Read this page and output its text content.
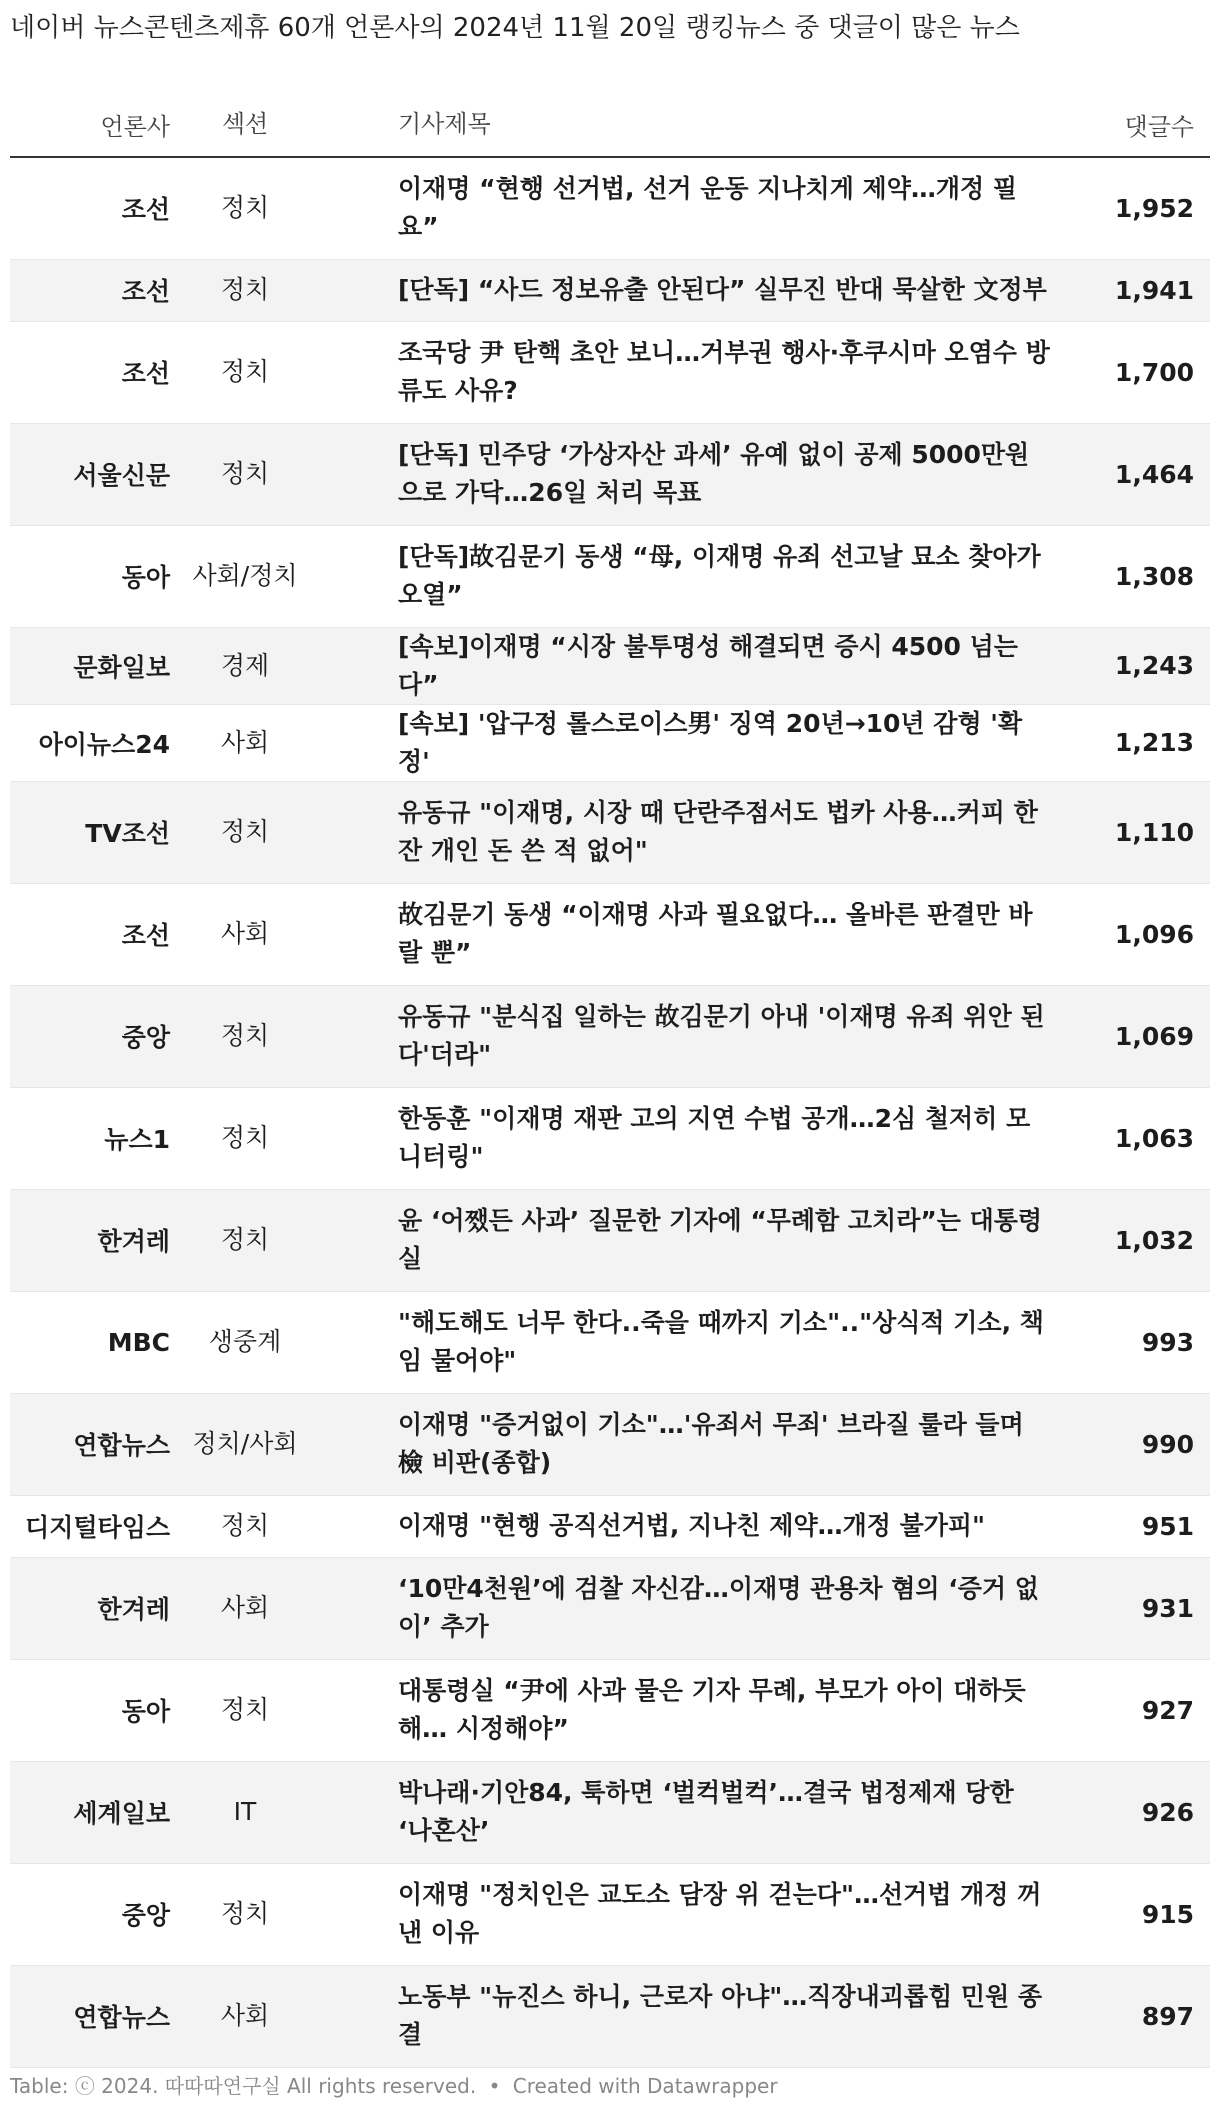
네이버 뉴스콘텐츠제휴 60개 언론사의 2024년 11월 20일 랭킹뉴스 중 댓글이 많은 뉴스
언론사	섹션	기사제목	댓글수
조선	정치	이재명 “현행 선거법, 선거 운동 지나치게 제약…개정 필요”	1,952
조선	정치	[단독] “사드 정보유출 안된다” 실무진 반대 묵살한 文정부	1,941
조선	정치	조국당 尹 탄핵 초안 보니…거부권 행사·후쿠시마 오염수 방류도 사유?	1,700
서울신문	정치	[단독] 민주당 ‘가상자산 과세’ 유예 없이 공제 5000만원으로 가닥…26일 처리 목표	1,464
동아	사회/정치	[단독]故김문기 동생 “母, 이재명 유죄 선고날 묘소 찾아가 오열”	1,308
문화일보	경제	[속보]이재명 “시장 불투명성 해결되면 증시 4500 넘는다”	1,243
아이뉴스24	사회	[속보] '압구정 롤스로이스男' 징역 20년→10년 감형 '확정'	1,213
TV조선	정치	유동규 "이재명, 시장 때 단란주점서도 법카 사용…커피 한 잔 개인 돈 쓴 적 없어"	1,110
조선	사회	故김문기 동생 “이재명 사과 필요없다… 올바른 판결만 바랄 뿐”	1,096
중앙	정치	유동규 "분식집 일하는 故김문기 아내 '이재명 유죄 위안 된다'더라"	1,069
뉴스1	정치	한동훈 "이재명 재판 고의 지연 수법 공개…2심 철저히 모니터링"	1,063
한겨레	정치	윤 ‘어쨌든 사과’ 질문한 기자에 “무례함 고치라”는 대통령실	1,032
MBC	생중계	"해도해도 너무 한다..죽을 때까지 기소".."상식적 기소, 책임 물어야"	993
연합뉴스	정치/사회	이재명 "증거없이 기소"…'유죄서 무죄' 브라질 룰라 들며 檢 비판(종합)	990
디지털타임스	정치	이재명 "현행 공직선거법, 지나친 제약…개정 불가피"	951
한겨레	사회	‘10만4천원’에 검찰 자신감…이재명 관용차 혐의 ‘증거 없이’ 추가	931
동아	정치	대통령실 “尹에 사과 물은 기자 무례, 부모가 아이 대하듯 해… 시정해야”	927
세계일보	IT	박나래·기안84, 툭하면 ‘벌컥벌컥’…결국 법정제재 당한 ‘나혼산’	926
중앙	정치	이재명 "정치인은 교도소 담장 위 걷는다"…선거법 개정 꺼낸 이유	915
연합뉴스	사회	노동부 "뉴진스 하니, 근로자 아냐"…직장내괴롭힘 민원 종결	897
Table: ⓒ 2024. 따따따연구실 All rights reserved. • Created with Datawrapper
